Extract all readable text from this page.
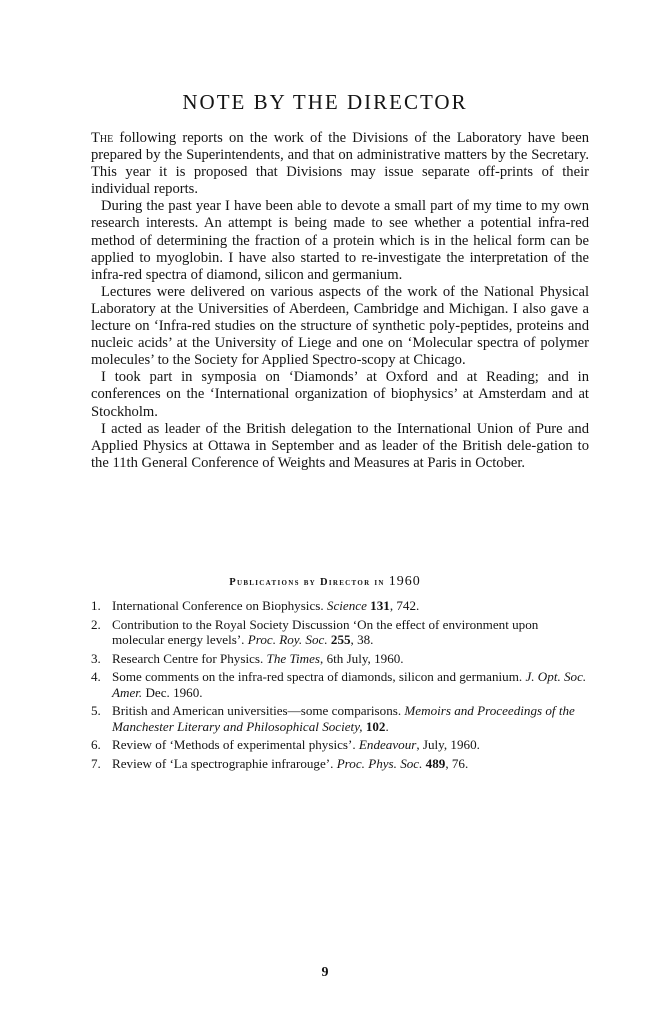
NOTE BY THE DIRECTOR

The following reports on the work of the Divisions of the Laboratory have been prepared by the Superintendents, and that on administrative matters by the Secretary. This year it is proposed that Divisions may issue separate off-prints of their individual reports.

During the past year I have been able to devote a small part of my time to my own research interests. An attempt is being made to see whether a potential infra-red method of determining the fraction of a protein which is in the helical form can be applied to myoglobin. I have also started to re-investigate the interpretation of the infra-red spectra of diamond, silicon and germanium.

Lectures were delivered on various aspects of the work of the National Physical Laboratory at the Universities of Aberdeen, Cambridge and Michigan. I also gave a lecture on ‘Infra-red studies on the structure of synthetic poly-peptides, proteins and nucleic acids’ at the University of Liege and one on ‘Molecular spectra of polymer molecules’ to the Society for Applied Spectro-scopy at Chicago.

I took part in symposia on ‘Diamonds’ at Oxford and at Reading; and in conferences on the ‘International organization of biophysics’ at Amsterdam and at Stockholm.

I acted as leader of the British delegation to the International Union of Pure and Applied Physics at Ottawa in September and as leader of the British dele-gation to the 11th General Conference of Weights and Measures at Paris in October.

Publications by Director in 1960
1. International Conference on Biophysics. Science 131, 742.
2. Contribution to the Royal Society Discussion ‘On the effect of environment upon molecular energy levels’. Proc. Roy. Soc. 255, 38.
3. Research Centre for Physics. The Times, 6th July, 1960.
4. Some comments on the infra-red spectra of diamonds, silicon and germanium. J. Opt. Soc. Amer. Dec. 1960.
5. British and American universities—some comparisons. Memoirs and Proceedings of the Manchester Literary and Philosophical Society, 102.
6. Review of ‘Methods of experimental physics’. Endeavour, July, 1960.
7. Review of ‘La spectrographie infrarouge’. Proc. Phys. Soc. 489, 76.
9
